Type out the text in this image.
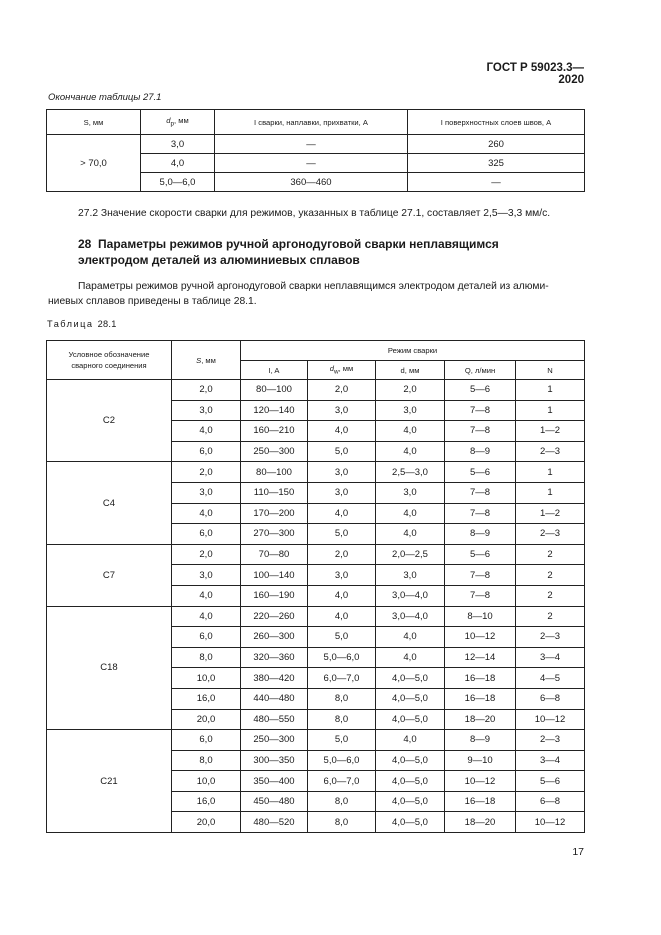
ГОСТ Р 59023.3—2020
Окончание таблицы 27.1
S, мм	$d_р$, мм	I сварки, наплавки, прихватки, А	I поверхностных слоев швов, А
> 70,0	3,0	—	260
	4,0	—	325
	5,0—6,0	360—460	—
27.2 Значение скорости сварки для режимов, указанных в таблице 27.1, составляет 2,5—3,3 мм/с.
28 Параметры режимов ручной аргонодуговой сварки неплавящимся
электродом деталей из алюминиевых сплавов
Параметры режимов ручной аргонодуговой сварки неплавящимся электродом деталей из алюми-
ниевых сплавов приведены в таблице 28.1.
Таблица 28.1
Условное обозначение сварного соединения	S, мм	Режим сварки				
		I, A	$d_w$, мм	d, мм	Q, л/мин	N
С2	2,0	80—100	2,0	2,0	5—6	1
	3,0	120—140	3,0	3,0	7—8	1
	4,0	160—210	4,0	4,0	7—8	1—2
	6,0	250—300	5,0	4,0	8—9	2—3
С4	2,0	80—100	3,0	2,5—3,0	5—6	1
	3,0	110—150	3,0	3,0	7—8	1
	4,0	170—200	4,0	4,0	7—8	1—2
	6,0	270—300	5,0	4,0	8—9	2—3
С7	2,0	70—80	2,0	2,0—2,5	5—6	2
	3,0	100—140	3,0	3,0	7—8	2
	4,0	160—190	4,0	3,0—4,0	7—8	2
С18	4,0	220—260	4,0	3,0—4,0	8—10	2
	6,0	260—300	5,0	4,0	10—12	2—3
	8,0	320—360	5,0—6,0	4,0	12—14	3—4
	10,0	380—420	6,0—7,0	4,0—5,0	16—18	4—5
	16,0	440—480	8,0	4,0—5,0	16—18	6—8
	20,0	480—550	8,0	4,0—5,0	18—20	10—12
С21	6,0	250—300	5,0	4,0	8—9	2—3
	8,0	300—350	5,0—6,0	4,0—5,0	9—10	3—4
	10,0	350—400	6,0—7,0	4,0—5,0	10—12	5—6
	16,0	450—480	8,0	4,0—5,0	16—18	6—8
	20,0	480—520	8,0	4,0—5,0	18—20	10—12
17
